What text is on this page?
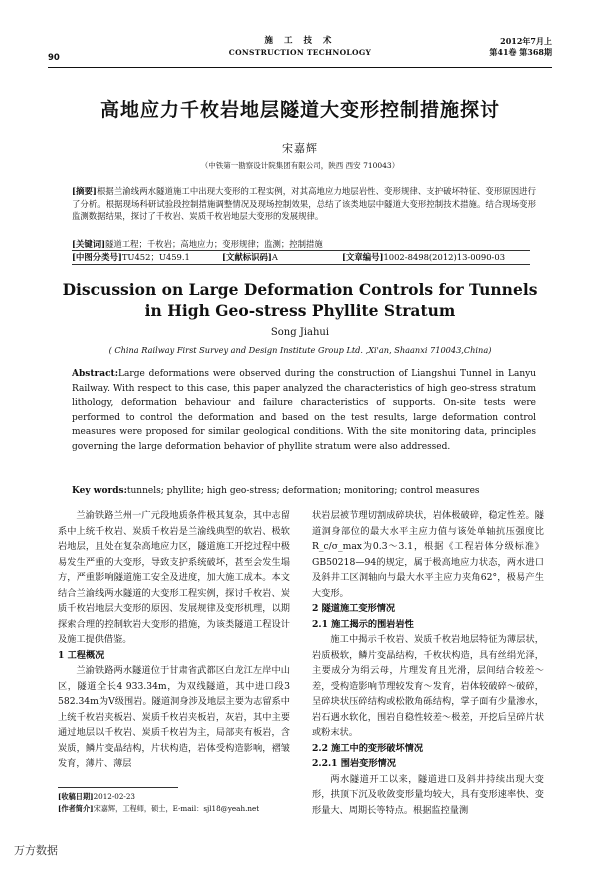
90
施 工 技 术
CONSTRUCTION TECHNOLOGY
2012年7月上
第41卷 第368期
高地应力千枚岩地层隧道大变形控制措施探讨
宋嘉辉
（中铁第一勘察设计院集团有限公司，陕西 西安 710043）
[摘要]根据兰渝线两水隧道施工中出现大变形的工程实例，对其高地应力地层岩性、变形规律、支护破坏特征、变形原因进行了分析。根据现场科研试验段控制措施调整情况及现场控制效果，总结了该类地层中隧道大变形控制技术措施。结合现场变形监测数据结果，探讨了千枚岩、炭质千枚岩地层大变形的发展规律。
[关键词]隧道工程；千枚岩；高地应力；变形规律；监测；控制措施
[中图分类号]TU452；U459.1	[文献标识码]A	[文章编号]1002-8498(2012)13-0090-03
Discussion on Large Deformation Controls for Tunnels
in High Geo-stress Phyllite Stratum
Song Jiahui
( China Railway First Survey and Design Institute Group Ltd. ,Xi'an, Shaanxi 710043,China)
Abstract:Large deformations were observed during the construction of Liangshui Tunnel in Lanyu Railway. With respect to this case, this paper analyzed the characteristics of high geo-stress stratum lithology, deformation behaviour and failure characteristics of supports. On-site tests were performed to control the deformation and based on the test results, large deformation control measures were proposed for similar geological conditions. With the site monitoring data, principles governing the large deformation behavior of phyllite stratum were also addressed.
Key words:tunnels; phyllite; high geo-stress; deformation; monitoring; control measures

兰渝铁路兰州一广元段地质条件极其复杂，其中志留系中上统千枚岩、炭质千枚岩是兰渝线典型的软岩、极软岩地层，且处在复杂高地应力区，隧道施工开挖过程中极易发生严重的大变形，导致支护系统破坏，甚至会发生塌方，严重影响隧道施工安全及进度，加大施工成本。本文结合兰渝线两水隧道的大变形工程实例，探讨千枚岩、炭质千枚岩地层大变形的原因、发展规律及变形机理，以期探索合理的控制软岩大变形的措施，为该类隧道工程设计及施工提供借鉴。

1 工程概况

兰渝铁路两水隧道位于甘肃省武都区白龙江左岸中山区，隧道全长4 933.34m，为双线隧道，其中进口段3 582.34m为Ⅴ级围岩。隧道洞身涉及地层主要为志留系中上统千枚岩夹板岩、炭质千枚岩夹板岩，灰岩，其中主要通过地层以千枚岩、炭质千枚岩为主，局部夹有板岩，含炭质，鳞片变晶结构，片状构造，岩体受构造影响，褶皱发育，薄片、薄层

状岩层被节理切割成碎块状，岩体极破碎，稳定性差。隧道洞身部位的最大水平主应力值与该处单轴抗压强度比R_c/σ_max为0.3～3.1，根据《工程岩体分级标准》GB50218—94的规定，属于极高地应力状态，两水进口及斜井工区洞轴向与最大水平主应力夹角62°，极易产生大变形。

2 隧道施工变形情况

2.1 施工揭示的围岩岩性

施工中揭示千枚岩、炭质千枚岩地层特征为薄层状，岩质极软，鳞片变晶结构，千枚状构造，具有丝绢光泽，主要成分为绢云母，片理发育且光滑，层间结合较差～差，受构造影响节理较发育～发育，岩体较破碎～破碎，呈碎块状压碎结构或松散角砾结构，掌子面有少量渗水，岩石遇水软化，围岩自稳性较差～极差，开挖后呈碎片状或粉末状。

2.2 施工中的变形破坏情况

2.2.1 围岩变形情况

两水隧道开工以来，隧道进口及斜井持续出现大变形，拱顶下沉及收敛变形量均较大，具有变形速率快、变形量大、周期长等特点。根据监控量测

[收稿日期]2012-02-23
[作者简介]宋嘉辉，工程师，硕士，E-mail：sjl18@yeah.net
万方数据
